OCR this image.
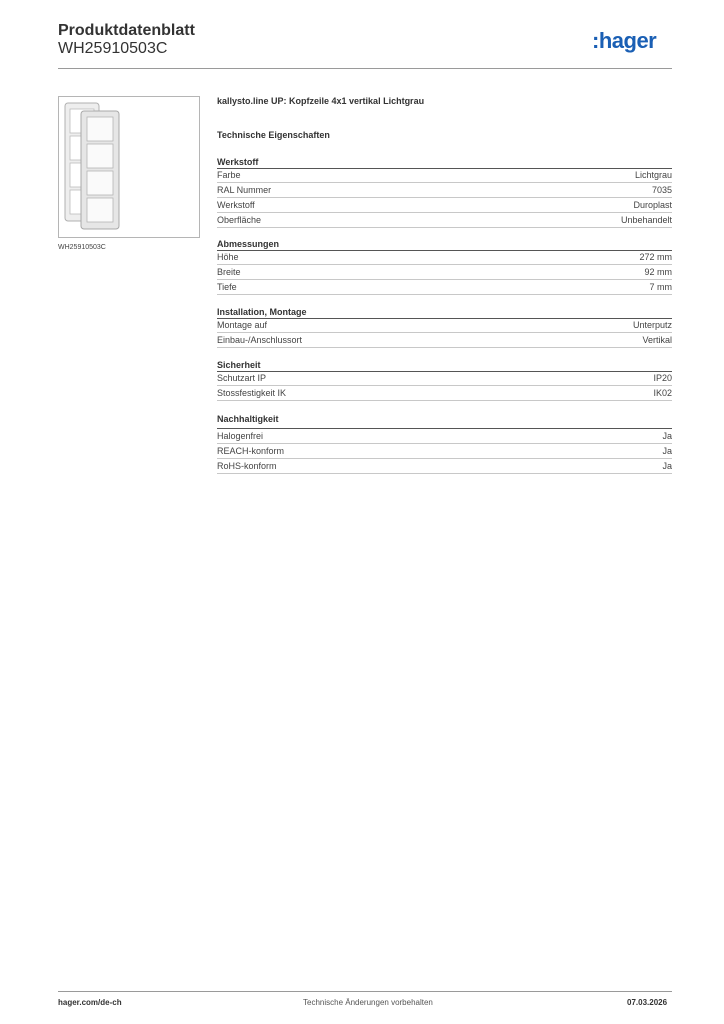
Produktdatenblatt
WH25910503C	:hager
WH25910503C
kallysto.line UP: Kopfzeile 4x1 vertikal Lichtgrau
Technische Eigenschaften
Werkstoff
Farbe	Lichtgrau
RAL Nummer	7035
Werkstoff	Duroplast
Oberfläche	Unbehandelt
Abmessungen
Höhe	272 mm
Breite	92 mm
Tiefe	7 mm
Installation, Montage
Montage auf	Unterputz
Einbau-/Anschlussort	Vertikal
Sicherheit
Schutzart IP	IP20
Stossfestigkeit IK	IK02
Nachhaltigkeit
Halogenfrei	Ja
REACH-konform	Ja
RoHS-konform	Ja
hager.com/de-ch	Technische Änderungen vorbehalten	07.03.2026
